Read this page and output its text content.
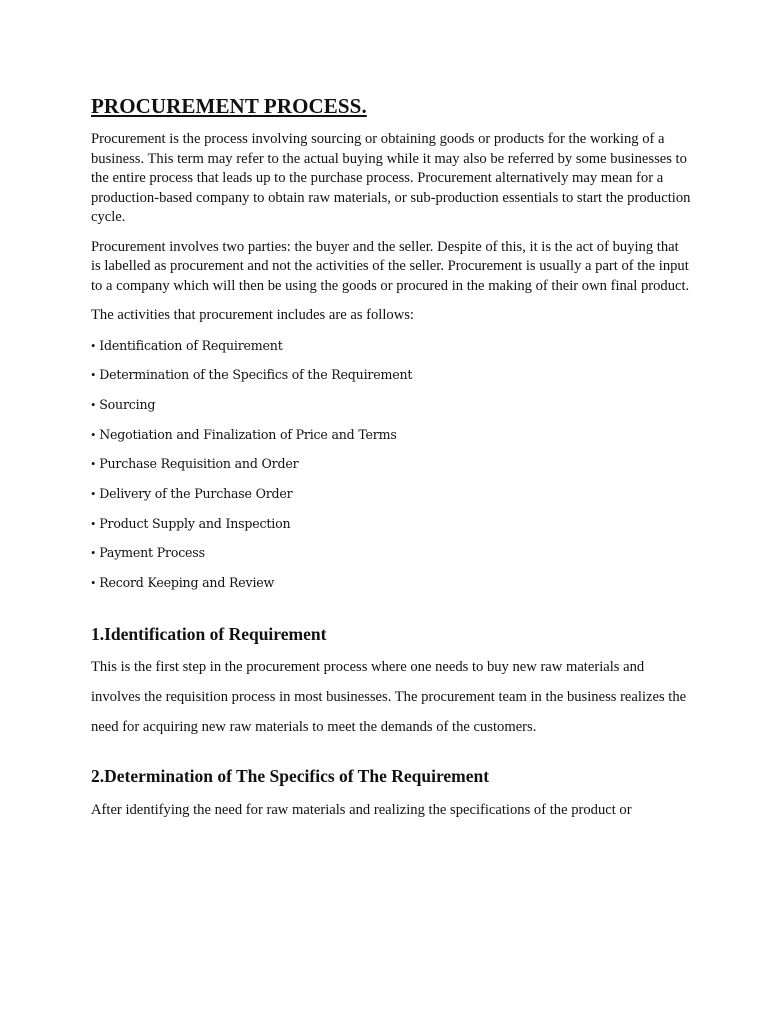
PROCUREMENT PROCESS.

Procurement is the process involving sourcing or obtaining goods or products for the working of a business. This term may refer to the actual buying while it may also be referred by some businesses to the entire process that leads up to the purchase process. Procurement alternatively may mean for a production-based company to obtain raw materials, or sub-production essentials to start the production cycle.

Procurement involves two parties: the buyer and the seller. Despite of this, it is the act of buying that is labelled as procurement and not the activities of the seller. Procurement is usually a part of the input to a company which will then be using the goods or procured in the making of their own final product.

The activities that procurement includes are as follows:

• Identification of Requirement
• Determination of the Specifics of the Requirement
• Sourcing
• Negotiation and Finalization of Price and Terms
• Purchase Requisition and Order
• Delivery of the Purchase Order
• Product Supply and Inspection
• Payment Process
• Record Keeping and Review
1.Identification of Requirement

This is the first step in the procurement process where one needs to buy new raw materials and involves the requisition process in most businesses. The procurement team in the business realizes the need for acquiring new raw materials to meet the demands of the customers.

2.Determination of The Specifics of The Requirement

After identifying the need for raw materials and realizing the specifications of the product or
